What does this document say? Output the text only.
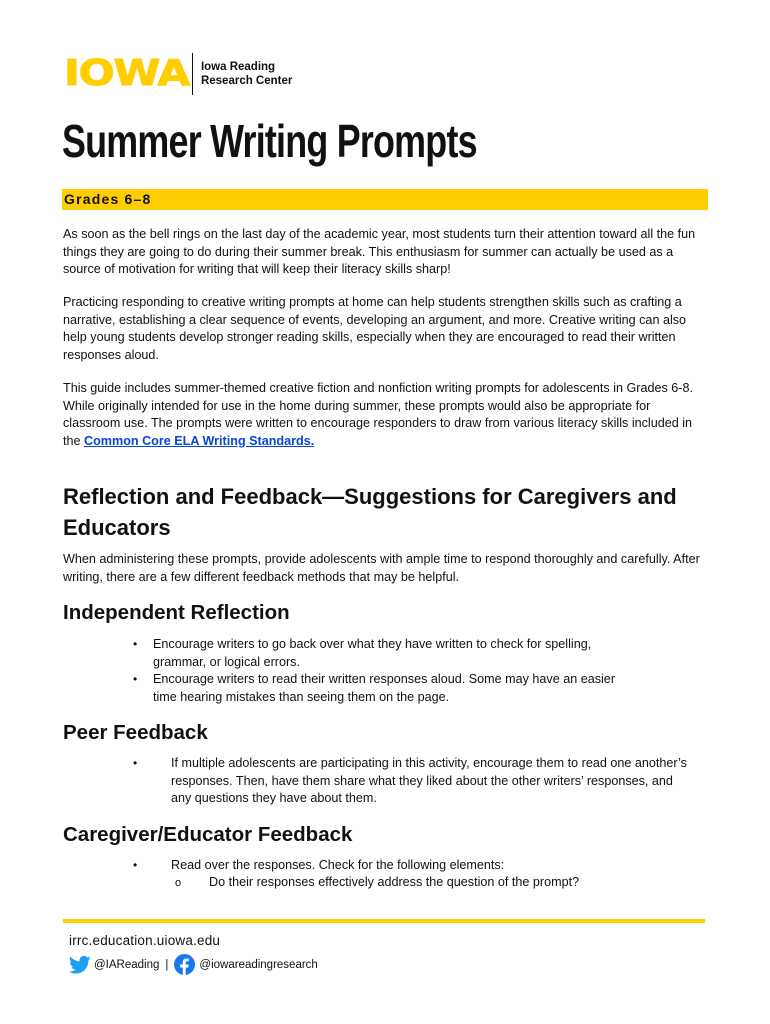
IOWA Iowa Reading
Research Center
Summer Writing Prompts
Grades 6–8

As soon as the bell rings on the last day of the academic year, most students turn their attention toward all the fun things they are going to do during their summer break. This enthusiasm for summer can actually be used as a source of motivation for writing that will keep their literacy skills sharp!

Practicing responding to creative writing prompts at home can help students strengthen skills such as crafting a narrative, establishing a clear sequence of events, developing an argument, and more. Creative writing can also help young students develop stronger reading skills, especially when they are encouraged to read their written responses aloud.

This guide includes summer-themed creative fiction and nonfiction writing prompts for adolescents in Grades 6-8. While originally intended for use in the home during summer, these prompts would also be appropriate for classroom use. The prompts were written to encourage responders to draw from various literacy skills included in the Common Core ELA Writing Standards.

Reflection and Feedback—Suggestions for Caregivers and Educators

When administering these prompts, provide adolescents with ample time to respond thoroughly and carefully. After writing, there are a few different feedback methods that may be helpful.

Independent Reflection
• Encourage writers to go back over what they have written to check for spelling, grammar, or logical errors.
• Encourage writers to read their written responses aloud. Some may have an easier time hearing mistakes than seeing them on the page.
Peer Feedback
•	If multiple adolescents are participating in this activity, encourage them to read one another’s responses. Then, have them share what they liked about the other writers’ responses, and any questions they have about them.
Caregiver/Educator Feedback
•	Read over the responses. Check for the following elements:
o Do their responses effectively address the question of the prompt?
irrc.education.uiowa.edu
@IAReading |	@iowareadingresearch
